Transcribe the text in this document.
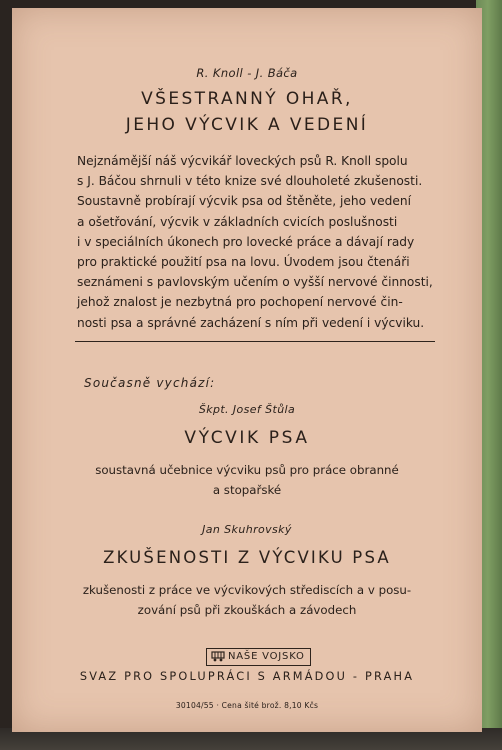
R. Knoll - J. Báča
VŠESTRANNÝ OHAŘ,
JEHO VÝCVIK A VEDENÍ
Nejznámější náš výcvikář loveckých psů R. Knoll spolu
s J. Báčou shrnuli v této knize své dlouholeté zkušenosti.
Soustavně probírají výcvik psa od štěněte, jeho vedení
a ošetřování, výcvik v základních cvicích poslušnosti
i v speciálních úkonech pro lovecké práce a dávají rady
pro praktické použití psa na lovu. Úvodem jsou čtenáři
seznámeni s pavlovským učením o vyšší nervové činnosti,
jehož znalost je nezbytná pro pochopení nervové čin-
nosti psa a správné zacházení s ním při vedení i výcviku.
Současně vychází:
Škpt. Josef Štůla
VÝCVIK PSA
soustavná učebnice výcviku psů pro práce obranné
a stopařské
Jan Skuhrovský
ZKUŠENOSTI Z VÝCVIKU PSA
zkušenosti z práce ve výcvikových střediscích a v posu-
zování psů při zkouškách a závodech
NAŠE VOJSKO
SVAZ PRO SPOLUPRÁCI S ARMÁDOU - PRAHA
30104/55 · Cena šité brož. 8,10 Kčs
